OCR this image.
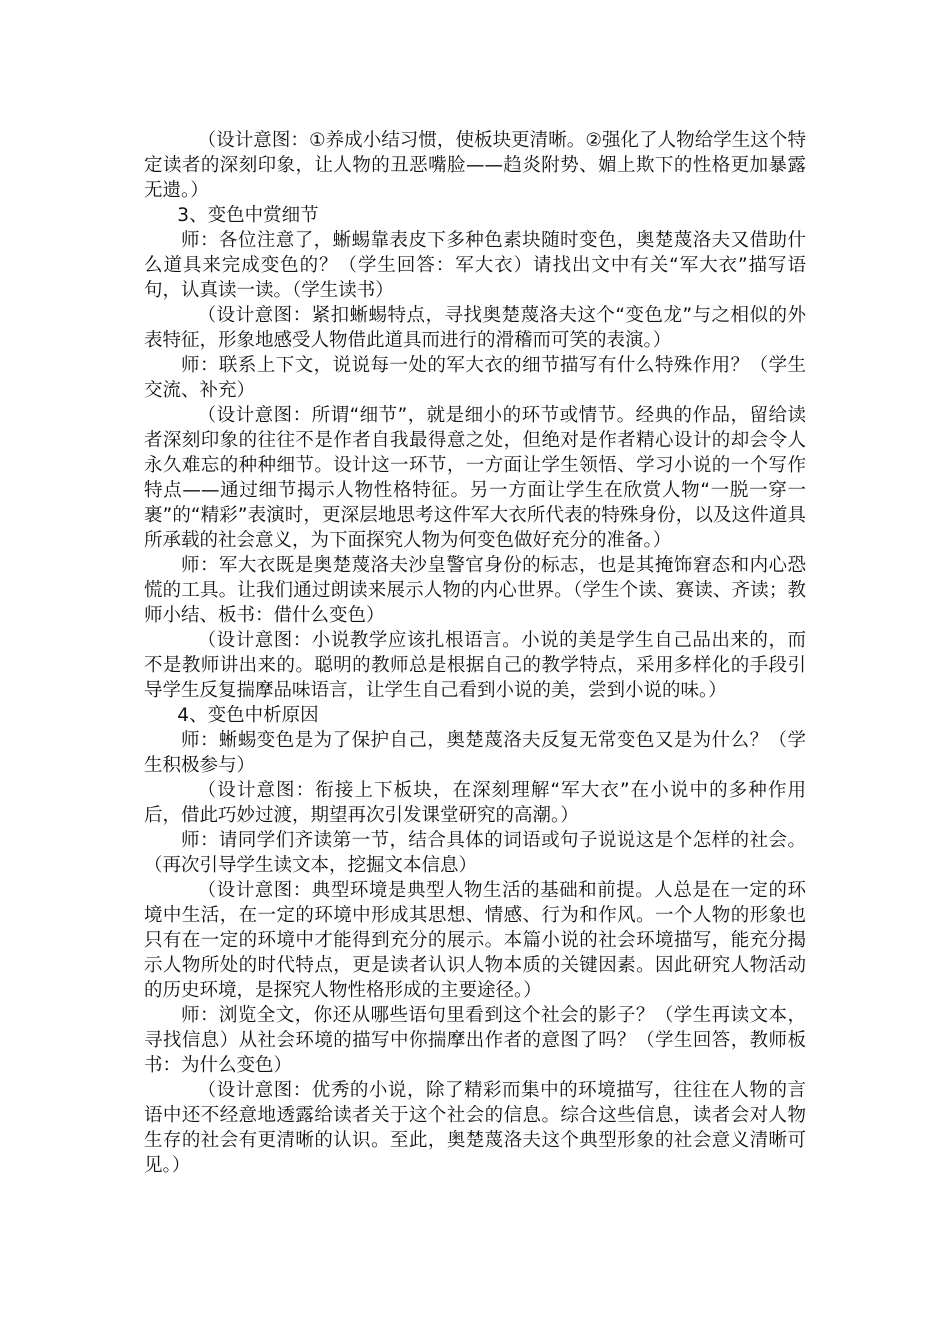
（设计意图：①养成小结习惯，使板块更清晰。②强化了人物给学生这个特定读者的深刻印象，让人物的丑恶嘴脸——趋炎附势、媚上欺下的性格更加暴露无遗。）

3、变色中赏细节

师：各位注意了，蜥蜴靠表皮下多种色素块随时变色，奥楚蔑洛夫又借助什么道具来完成变色的？（学生回答：军大衣）请找出文中有关“军大衣”描写语句，认真读一读。（学生读书）

（设计意图：紧扣蜥蜴特点，寻找奥楚蔑洛夫这个“变色龙”与之相似的外表特征，形象地感受人物借此道具而进行的滑稽而可笑的表演。）

师：联系上下文，说说每一处的军大衣的细节描写有什么特殊作用？（学生交流、补充）

（设计意图：所谓“细节”，就是细小的环节或情节。经典的作品，留给读者深刻印象的往往不是作者自我最得意之处，但绝对是作者精心设计的却会令人永久难忘的种种细节。设计这一环节，一方面让学生领悟、学习小说的一个写作特点——通过细节揭示人物性格特征。另一方面让学生在欣赏人物“一脱一穿一裹”的“精彩”表演时，更深层地思考这件军大衣所代表的特殊身份，以及这件道具所承载的社会意义，为下面探究人物为何变色做好充分的准备。）

师：军大衣既是奥楚蔑洛夫沙皇警官身份的标志，也是其掩饰窘态和内心恐慌的工具。让我们通过朗读来展示人物的内心世界。（学生个读、赛读、齐读；教师小结、板书：借什么变色）

（设计意图：小说教学应该扎根语言。小说的美是学生自己品出来的，而不是教师讲出来的。聪明的教师总是根据自己的教学特点，采用多样化的手段引导学生反复揣摩品味语言，让学生自己看到小说的美，尝到小说的味。）

4、变色中析原因

师：蜥蜴变色是为了保护自己，奥楚蔑洛夫反复无常变色又是为什么？（学生积极参与）

（设计意图：衔接上下板块，在深刻理解“军大衣”在小说中的多种作用后，借此巧妙过渡，期望再次引发课堂研究的高潮。）

师：请同学们齐读第一节，结合具体的词语或句子说说这是个怎样的社会。（再次引导学生读文本，挖掘文本信息）

（设计意图：典型环境是典型人物生活的基础和前提。人总是在一定的环境中生活，在一定的环境中形成其思想、情感、行为和作风。一个人物的形象也只有在一定的环境中才能得到充分的展示。本篇小说的社会环境描写，能充分揭示人物所处的时代特点，更是读者认识人物本质的关键因素。因此研究人物活动的历史环境，是探究人物性格形成的主要途径。）

师：浏览全文，你还从哪些语句里看到这个社会的影子？（学生再读文本，寻找信息）从社会环境的描写中你揣摩出作者的意图了吗？（学生回答，教师板书：为什么变色）

（设计意图：优秀的小说，除了精彩而集中的环境描写，往往在人物的言语中还不经意地透露给读者关于这个社会的信息。综合这些信息，读者会对人物生存的社会有更清晰的认识。至此，奥楚蔑洛夫这个典型形象的社会意义清晰可见。）
